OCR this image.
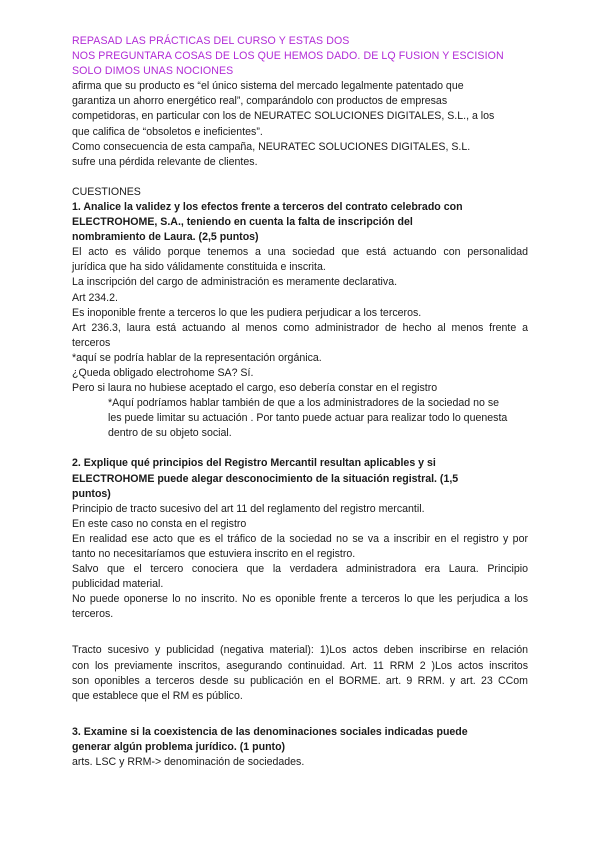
REPASAD LAS PRÁCTICAS DEL CURSO Y ESTAS DOS
NOS PREGUNTARA COSAS DE LOS QUE HEMOS DADO. DE LQ FUSION Y ESCISION
SOLO DIMOS UNAS NOCIONES
afirma que su producto es “el único sistema del mercado legalmente patentado que
garantiza un ahorro energético real”, comparándolo con productos de empresas
competidoras, en particular con los de NEURATEC SOLUCIONES DIGITALES, S.L., a los
que califica de “obsoletos e ineficientes”.
Como consecuencia de esta campaña, NEURATEC SOLUCIONES DIGITALES, S.L.
sufre una pérdida relevante de clientes.
CUESTIONES
1. Analice la validez y los efectos frente a terceros del contrato celebrado con
ELECTROHOME, S.A., teniendo en cuenta la falta de inscripción del
nombramiento de Laura. (2,5 puntos)
El acto es válido porque tenemos a una sociedad que está actuando con personalidad
jurídica que ha sido válidamente constituida e inscrita.
La inscripción del cargo de administración es meramente declarativa.
Art 234.2.
Es inoponible frente a terceros lo que les pudiera perjudicar a los terceros.
Art 236.3, laura está actuando al menos como administrador de hecho al menos frente a
terceros
*aquí se podría hablar de la representación orgánica.
¿Queda obligado electrohome SA? Sí.
Pero si laura no hubiese aceptado el cargo, eso debería constar en el registro
*Aquí podríamos hablar también de que a los administradores de la sociedad no se
les puede limitar su actuación . Por tanto puede actuar para realizar todo lo quenesta
dentro de su objeto social.
2. Explique qué principios del Registro Mercantil resultan aplicables y si
ELECTROHOME puede alegar desconocimiento de la situación registral. (1,5
puntos)
Principio de tracto sucesivo del art 11 del reglamento del registro mercantil.
En este caso no consta en el registro
En realidad ese acto que es el tráfico de la sociedad no se va a inscribir en el registro y por
tanto no necesitaríamos que estuviera inscrito en el registro.
Salvo que el tercero conociera que la verdadera administradora era Laura. Principio
publicidad material.
No puede oponerse lo no inscrito. No es oponible frente a terceros lo que les perjudica a los
terceros.
Tracto sucesivo y publicidad (negativa material): 1)Los actos deben inscribirse en relación
con los previamente inscritos, asegurando continuidad. Art. 11 RRM 2 )Los actos inscritos
son oponibles a terceros desde su publicación en el BORME. art. 9 RRM. y art. 23 CCom
que establece que el RM es público.
3. Examine si la coexistencia de las denominaciones sociales indicadas puede
generar algún problema jurídico. (1 punto)
arts. LSC y RRM-> denominación de sociedades.
